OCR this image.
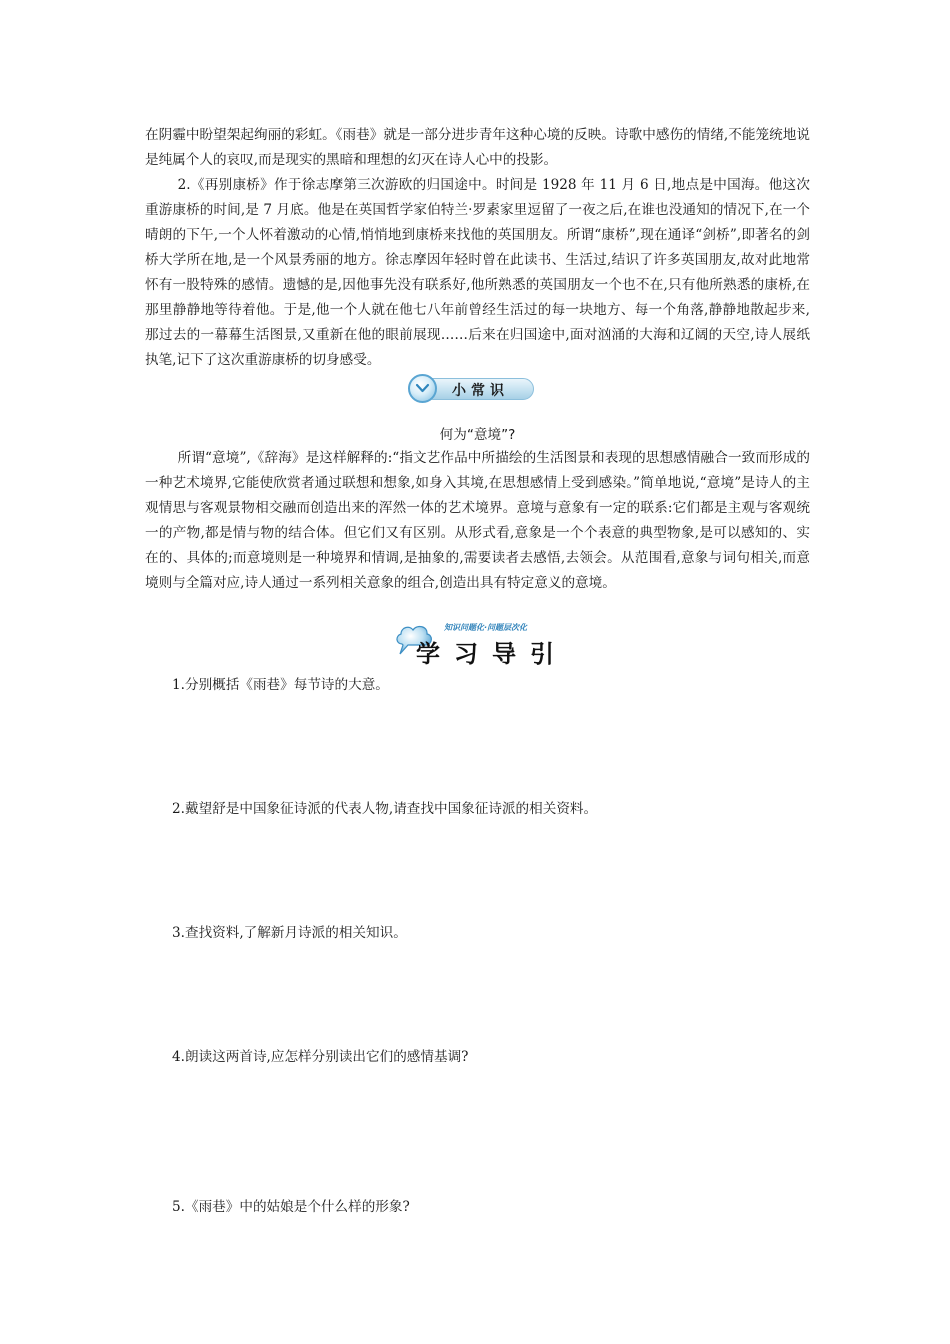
在阴霾中盼望架起绚丽的彩虹。《雨巷》就是一部分进步青年这种心境的反映。诗歌中感伤的情绪,不能笼统地说是纯属个人的哀叹,而是现实的黑暗和理想的幻灭在诗人心中的投影。

2.《再别康桥》作于徐志摩第三次游欧的归国途中。时间是 1928 年 11 月 6 日,地点是中国海。他这次重游康桥的时间,是 7 月底。他是在英国哲学家伯特兰·罗素家里逗留了一夜之后,在谁也没通知的情况下,在一个晴朗的下午,一个人怀着激动的心情,悄悄地到康桥来找他的英国朋友。所谓“康桥”,现在通译“剑桥”,即著名的剑桥大学所在地,是一个风景秀丽的地方。徐志摩因年轻时曾在此读书、生活过,结识了许多英国朋友,故对此地常怀有一股特殊的感情。遗憾的是,因他事先没有联系好,他所熟悉的英国朋友一个也不在,只有他所熟悉的康桥,在那里静静地等待着他。于是,他一个人就在他七八年前曾经生活过的每一块地方、每一个角落,静静地散起步来,那过去的一幕幕生活图景,又重新在他的眼前展现……后来在归国途中,面对汹涌的大海和辽阔的天空,诗人展纸执笔,记下了这次重游康桥的切身感受。

小常识

何为“意境”?

所谓“意境”,《辞海》是这样解释的:“指文艺作品中所描绘的生活图景和表现的思想感情融合一致而形成的一种艺术境界,它能使欣赏者通过联想和想象,如身入其境,在思想感情上受到感染。”简单地说,“意境”是诗人的主观情思与客观景物相交融而创造出来的浑然一体的艺术境界。意境与意象有一定的联系:它们都是主观与客观统一的产物,都是情与物的结合体。但它们又有区别。从形式看,意象是一个个表意的典型物象,是可以感知的、实在的、具体的;而意境则是一种境界和情调,是抽象的,需要读者去感悟,去领会。从范围看,意象与词句相关,而意境则与全篇对应,诗人通过一系列相关意象的组合,创造出具有特定意义的意境。

知识问题化·问题层次化
学习导引

1.分别概括《雨巷》每节诗的大意。

2.戴望舒是中国象征诗派的代表人物,请查找中国象征诗派的相关资料。

3.查找资料,了解新月诗派的相关知识。

4.朗读这两首诗,应怎样分别读出它们的感情基调?

5.《雨巷》中的姑娘是个什么样的形象?
